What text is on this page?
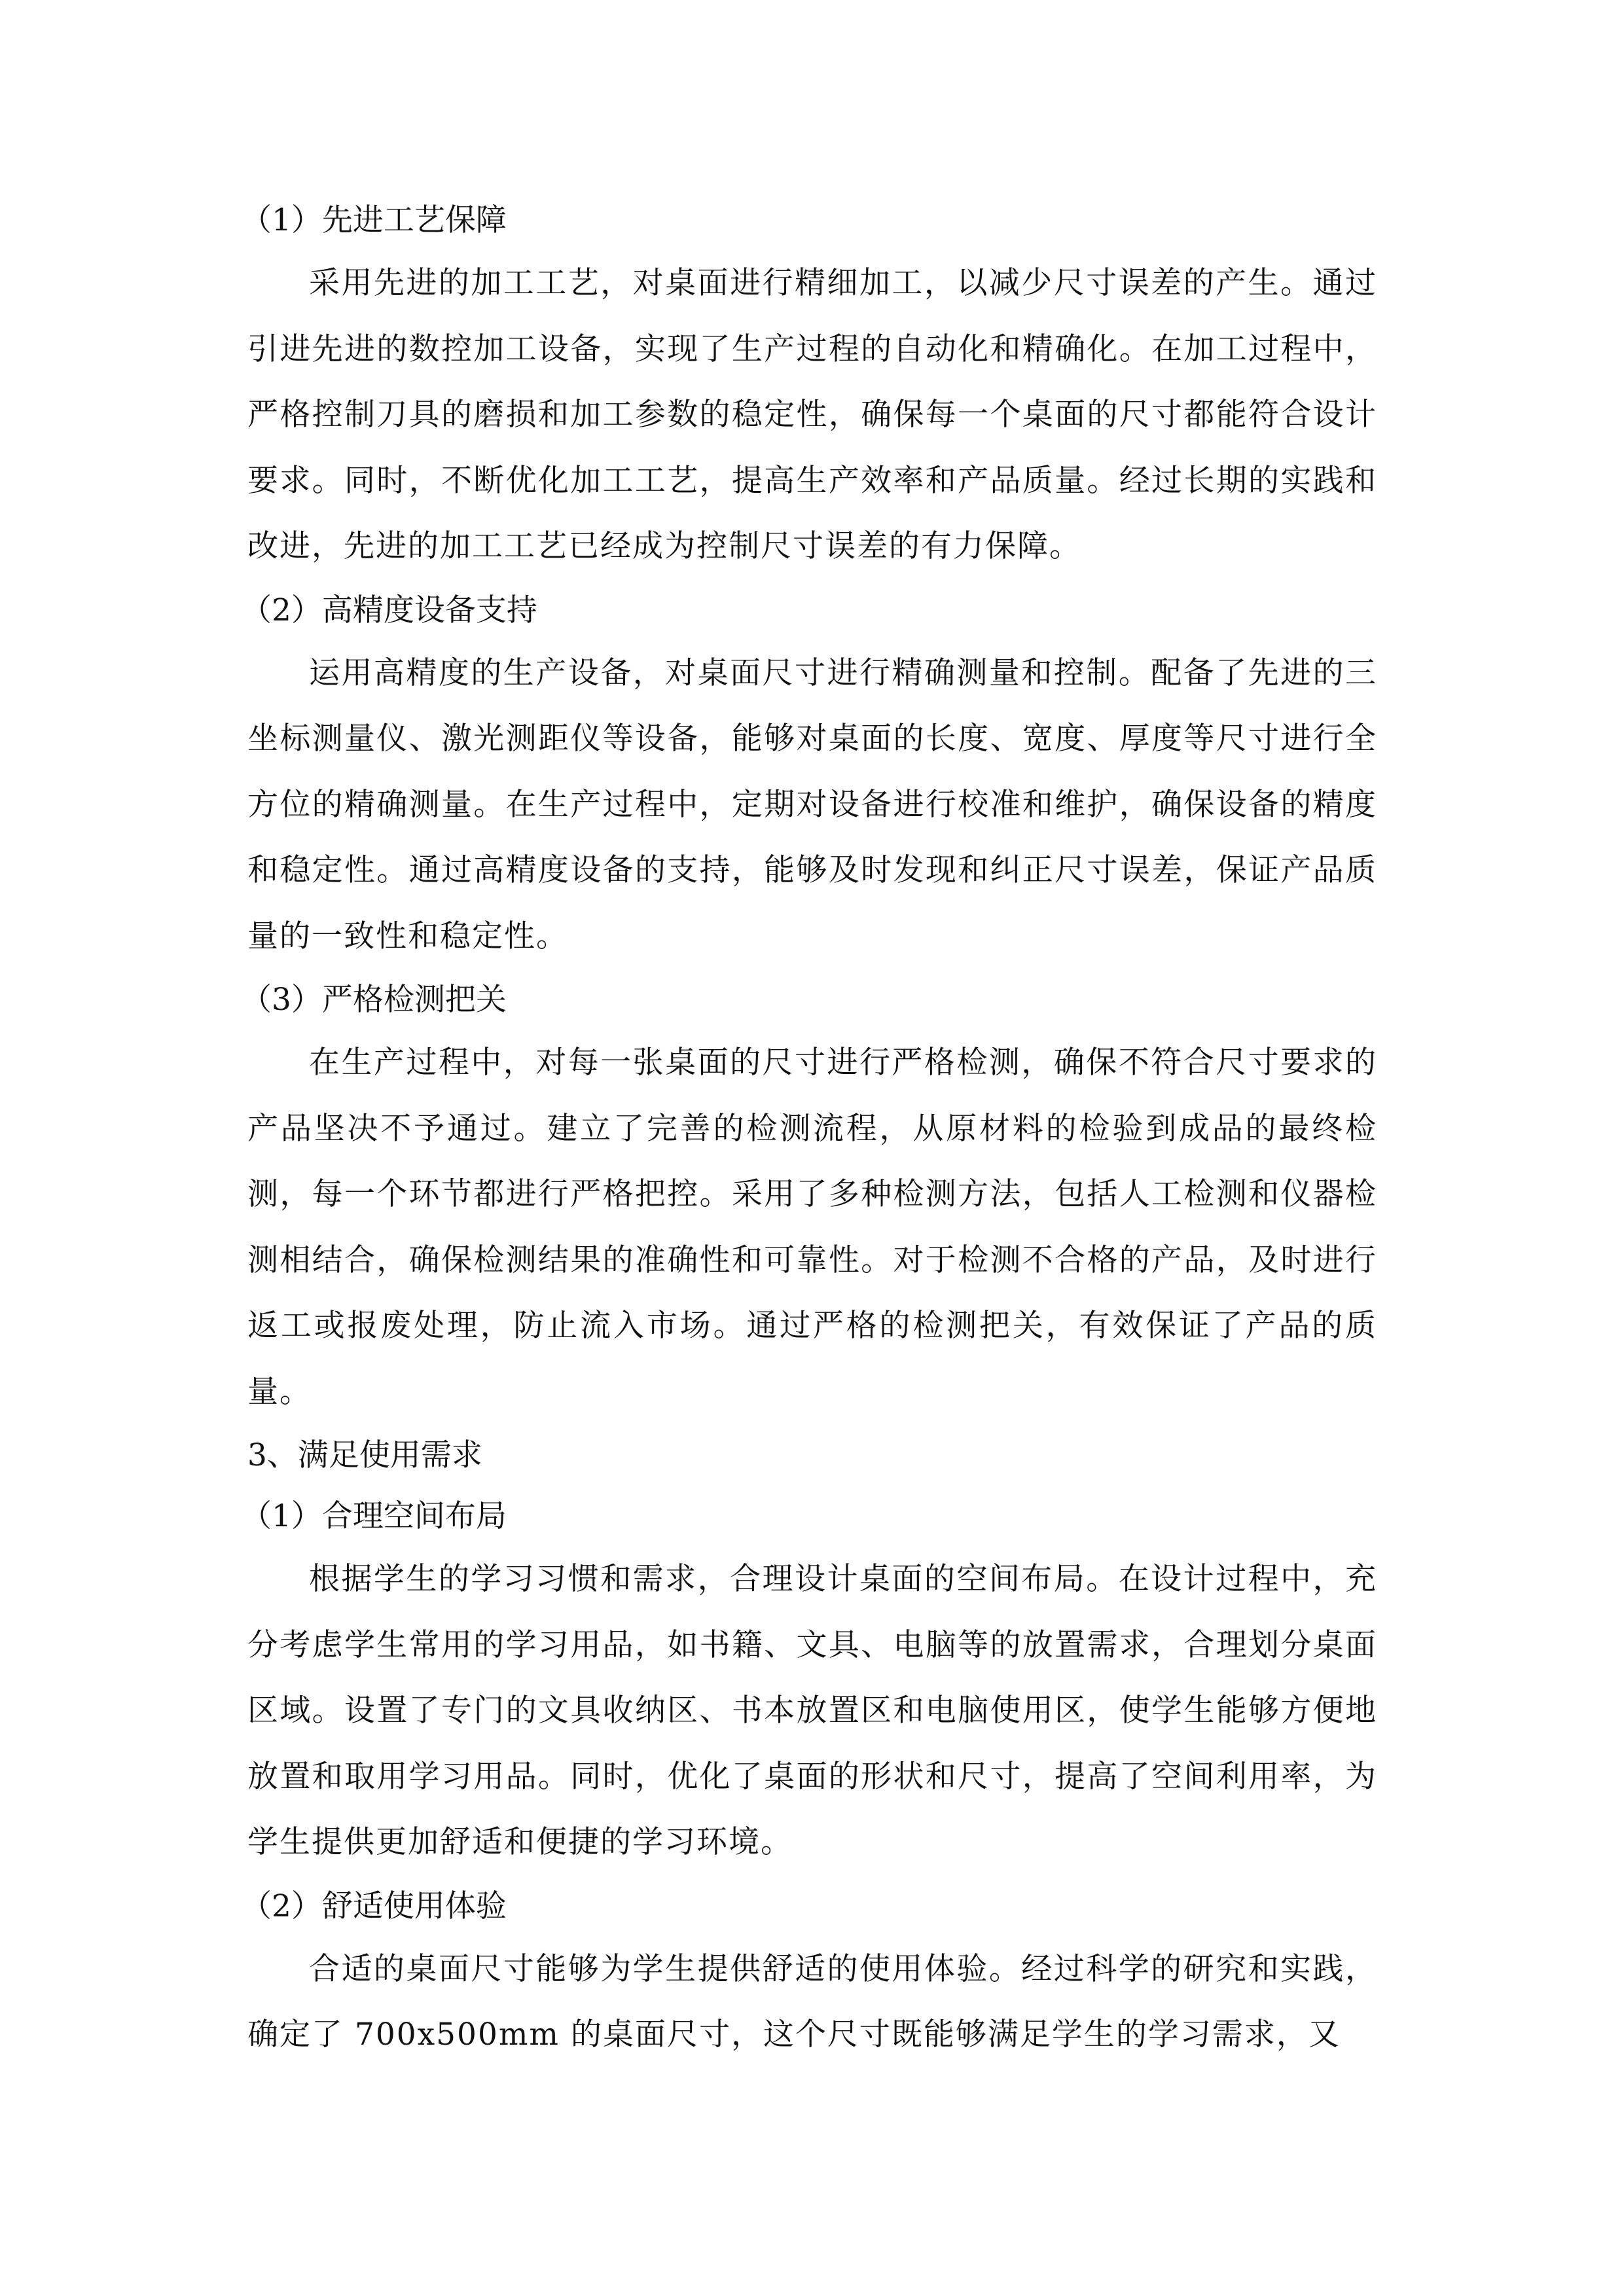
（1）先进工艺保障

采用先进的加工工艺，对桌面进行精细加工，以减少尺寸误差的产生。通过引进先进的数控加工设备，实现了生产过程的自动化和精确化。在加工过程中，严格控制刀具的磨损和加工参数的稳定性，确保每一个桌面的尺寸都能符合设计要求。同时，不断优化加工工艺，提高生产效率和产品质量。经过长期的实践和改进，先进的加工工艺已经成为控制尺寸误差的有力保障。

（2）高精度设备支持

运用高精度的生产设备，对桌面尺寸进行精确测量和控制。配备了先进的三坐标测量仪、激光测距仪等设备，能够对桌面的长度、宽度、厚度等尺寸进行全方位的精确测量。在生产过程中，定期对设备进行校准和维护，确保设备的精度和稳定性。通过高精度设备的支持，能够及时发现和纠正尺寸误差，保证产品质量的一致性和稳定性。

（3）严格检测把关

在生产过程中，对每一张桌面的尺寸进行严格检测，确保不符合尺寸要求的产品坚决不予通过。建立了完善的检测流程，从原材料的检验到成品的最终检测，每一个环节都进行严格把控。采用了多种检测方法，包括人工检测和仪器检测相结合，确保检测结果的准确性和可靠性。对于检测不合格的产品，及时进行返工或报废处理，防止流入市场。通过严格的检测把关，有效保证了产品的质量。

3、满足使用需求

（1）合理空间布局

根据学生的学习习惯和需求，合理设计桌面的空间布局。在设计过程中，充分考虑学生常用的学习用品，如书籍、文具、电脑等的放置需求，合理划分桌面区域。设置了专门的文具收纳区、书本放置区和电脑使用区，使学生能够方便地放置和取用学习用品。同时，优化了桌面的形状和尺寸，提高了空间利用率，为学生提供更加舒适和便捷的学习环境。

（2）舒适使用体验

合适的桌面尺寸能够为学生提供舒适的使用体验。经过科学的研究和实践，确定了 700x500mm 的桌面尺寸，这个尺寸既能够满足学生的学习需求，又
